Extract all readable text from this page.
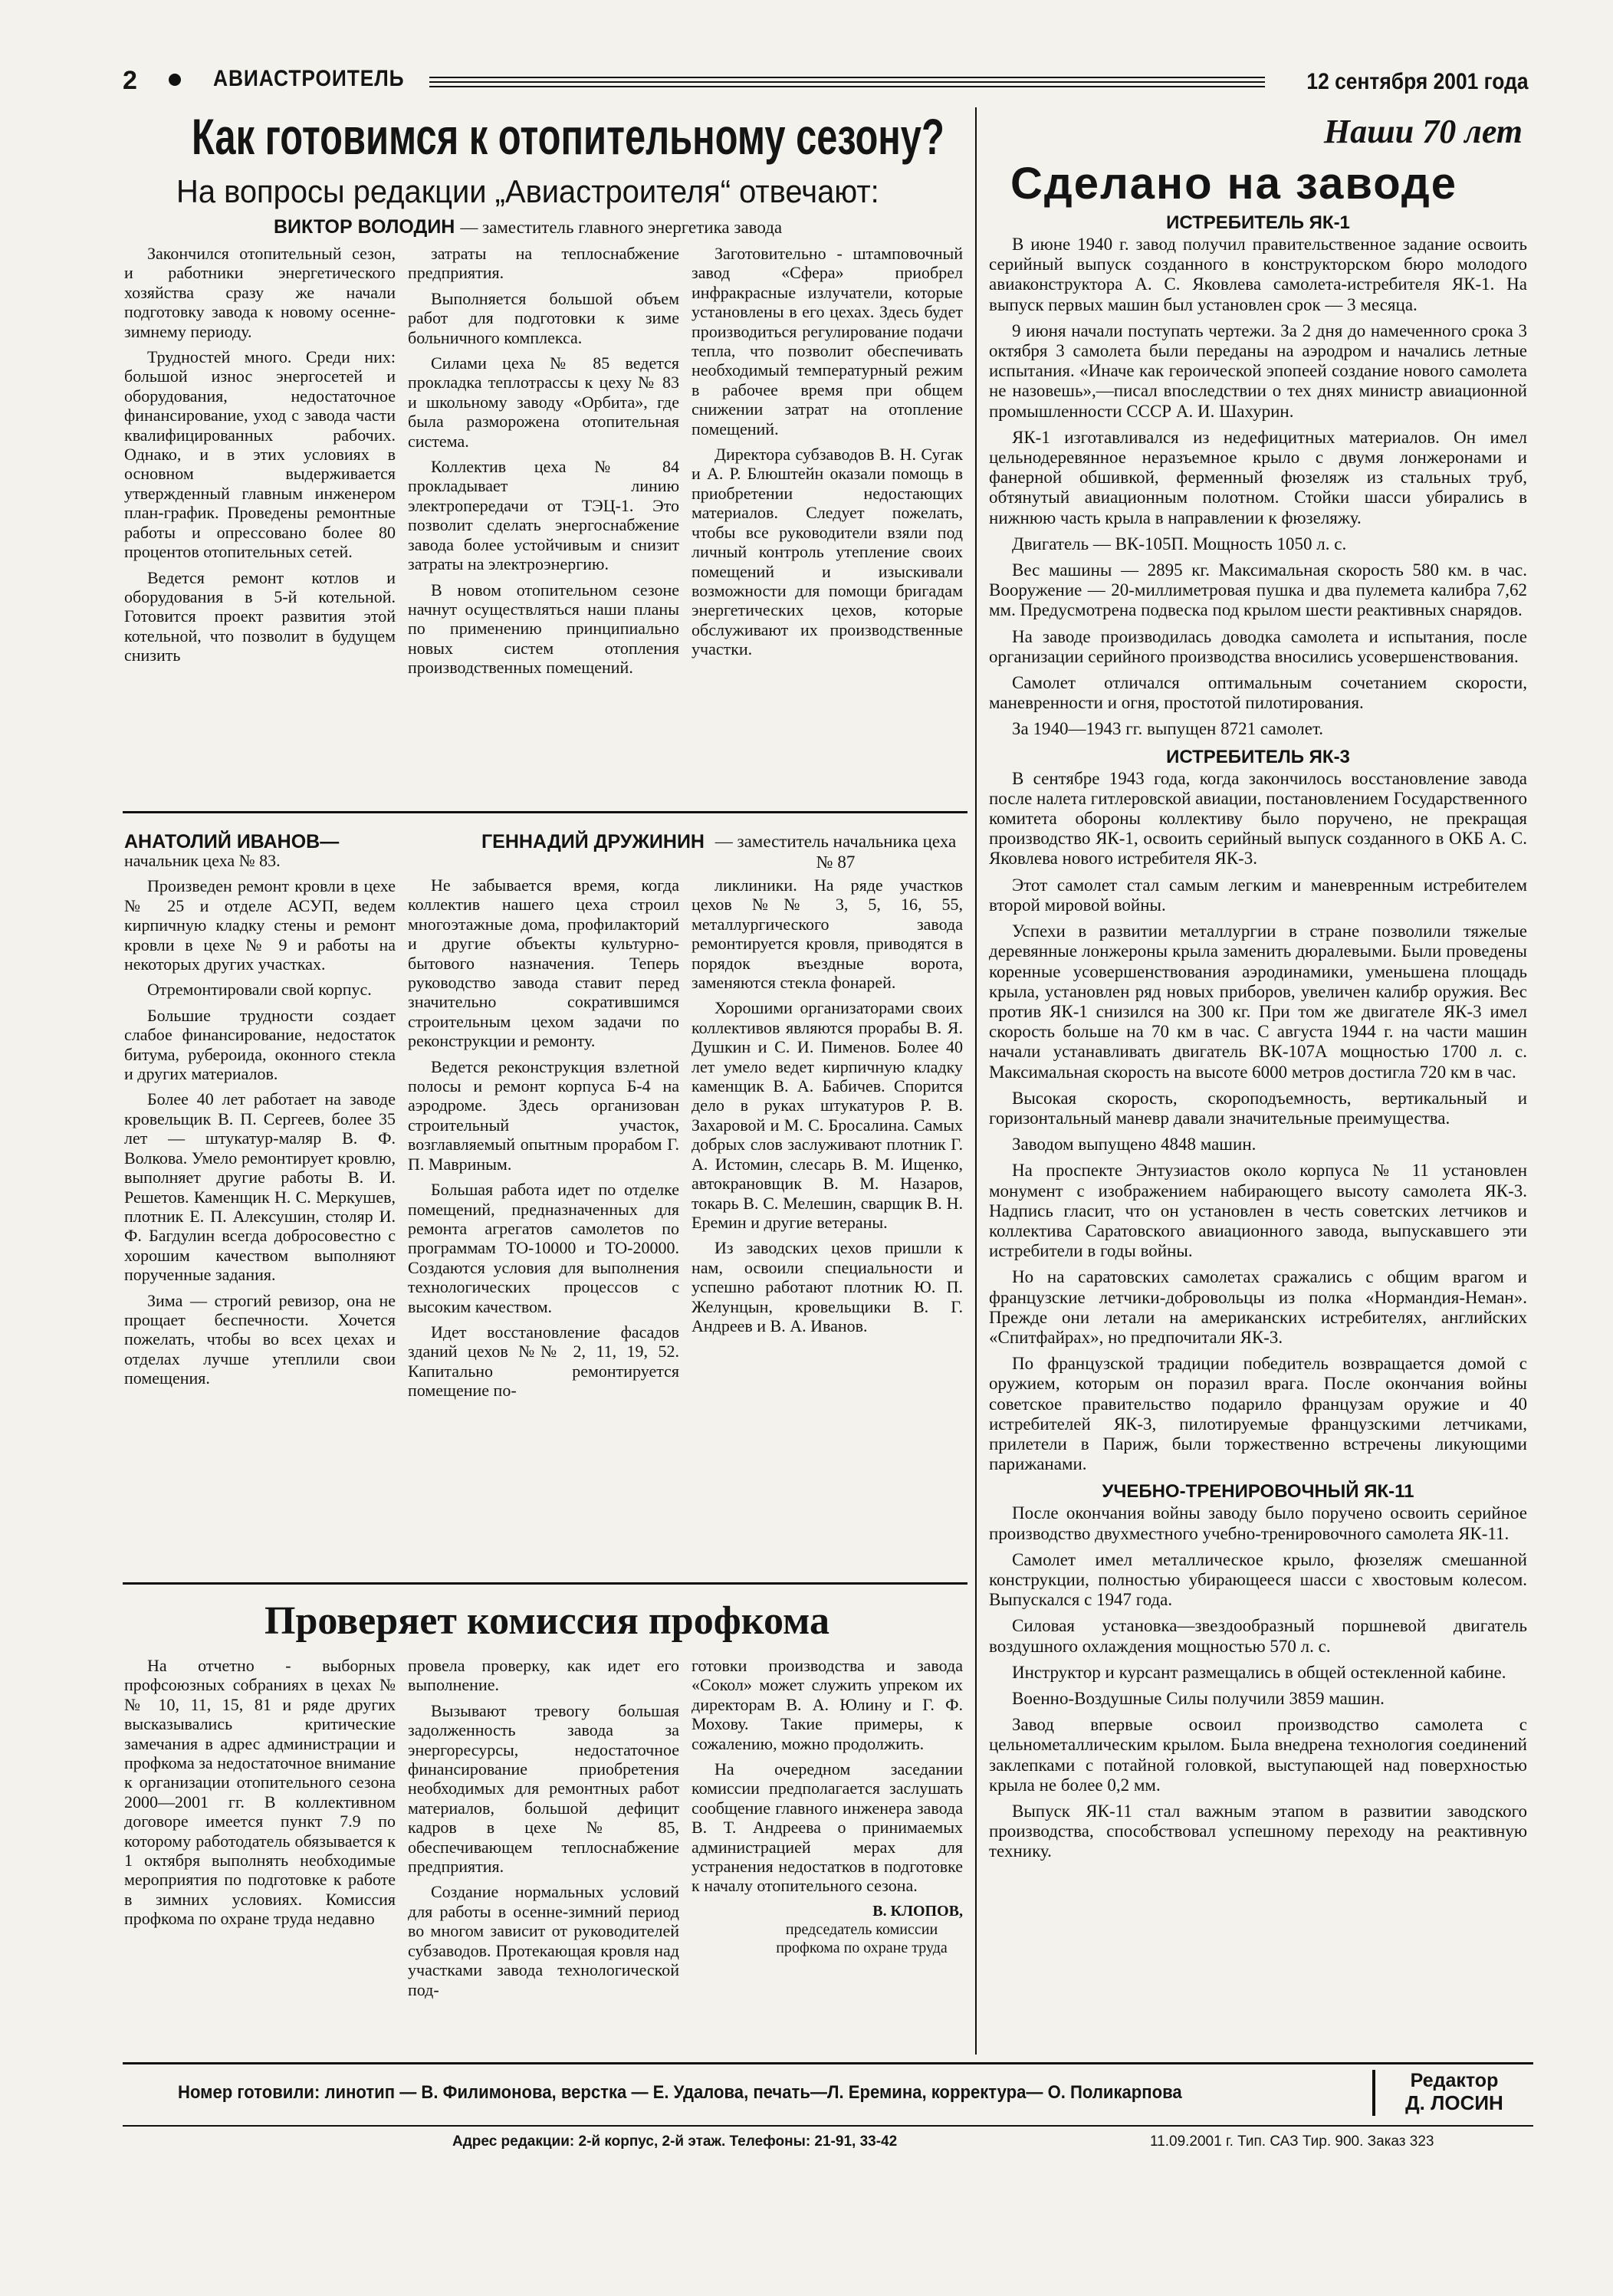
2	АВИАСТРОИТЕЛЬ	12 сентября 2001 года
Как готовимся к отопительному сезону?
На вопросы редакции „Авиастроителя“ отвечают:
ВИКТОР ВОЛОДИН — заместитель главного энергетика завода

Закончился отопительный сезон, и работники энергетического хозяйства сразу же начали подготовку завода к новому осенне-зимнему периоду.

Трудностей много. Среди них: большой износ энергосетей и оборудования, недостаточное финансирование, уход с завода части квалифицированных рабочих. Однако, и в этих условиях в основном выдерживается утвержденный главным инженером план-график. Проведены ремонтные работы и опрессовано более 80 процентов отопительных сетей.

Ведется ремонт котлов и оборудования в 5-й котельной. Готовится проект развития этой котельной, что позволит в будущем снизить

затраты на теплоснабжение предприятия.

Выполняется большой объем работ для подготовки к зиме больничного комплекса.

Силами цеха № 85 ведется прокладка теплотрассы к цеху № 83 и школьному заводу «Орбита», где была разморожена отопительная система.

Коллектив цеха № 84 прокладывает линию электропередачи от ТЭЦ-1. Это позволит сделать энергоснабжение завода более устойчивым и снизит затраты на электроэнергию.

В новом отопительном сезоне начнут осуществляться наши планы по применению принципиально новых систем отопления производственных помещений.

Заготовительно - штамповочный завод «Сфера» приобрел инфракрасные излучатели, которые установлены в его цехах. Здесь будет производиться регулирование подачи тепла, что позволит обеспечивать необходимый температурный режим в рабочее время при общем снижении затрат на отопление помещений.

Директора субзаводов В. Н. Сугак и А. Р. Блюштейн оказали помощь в приобретении недостающих материалов. Следует пожелать, чтобы все руководители взяли под личный контроль утепление своих помещений и изыскивали возможности для помощи бригадам энергетических цехов, которые обслуживают их производственные участки.

АНАТОЛИЙ ИВАНОВ—

начальник цеха № 83.

Произведен ремонт кровли в цехе № 25 и отделе АСУП, ведем кирпичную кладку стены и ремонт кровли в цехе № 9 и работы на некоторых других участках.

Отремонтировали свой корпус.

Большие трудности создает слабое финансирование, недостаток битума, рубероида, оконного стекла и других материалов.

Более 40 лет работает на заводе кровельщик В. П. Сергеев, более 35 лет — штукатур-маляр В. Ф. Волкова. Умело ремонтирует кровлю, выполняет другие работы В. И. Решетов. Каменщик Н. С. Меркушев, плотник Е. П. Алексушин, столяр И. Ф. Багдулин всегда добросовестно с хорошим качеством выполняют порученные задания.

Зима — строгий ревизор, она не прощает беспечности. Хочется пожелать, чтобы во всех цехах и отделах лучше утеплили свои помещения.

ГЕННАДИЙ ДРУЖИНИН — заместитель начальника цеха № 87

Не забывается время, когда коллектив нашего цеха строил многоэтажные дома, профилакторий и другие объекты культурно-бытового назначения. Теперь руководство завода ставит перед значительно сократившимся строительным цехом задачи по реконструкции и ремонту.

Ведется реконструкция взлетной полосы и ремонт корпуса Б-4 на аэродроме. Здесь организован строительный участок, возглавляемый опытным прорабом Г. П. Мавриным.

Большая работа идет по отделке помещений, предназначенных для ремонта агрегатов самолетов по программам ТО-10000 и ТО-20000. Создаются условия для выполнения технологических процессов с высоким качеством.

Идет восстановление фасадов зданий цехов №№ 2, 11, 19, 52. Капитально ремонтируется помещение по-

ликлиники. На ряде участков цехов №№ 3, 5, 16, 55, металлургического завода ремонтируется кровля, приводятся в порядок въездные ворота, заменяются стекла фонарей.

Хорошими организаторами своих коллективов являются прорабы В. Я. Душкин и С. И. Пименов. Более 40 лет умело ведет кирпичную кладку каменщик В. А. Бабичев. Спорится дело в руках штукатуров Р. В. Захаровой и М. С. Бросалина. Самых добрых слов заслуживают плотник Г. А. Истомин, слесарь В. М. Ищенко, автокрановщик В. М. Назаров, токарь В. С. Мелешин, сварщик В. Н. Еремин и другие ветераны.

Из заводских цехов пришли к нам, освоили специальности и успешно работают плотник Ю. П. Желунцын, кровельщики В. Г. Андреев и В. А. Иванов.

Наши 70 лет
Сделано на заводе
ИСТРЕБИТЕЛЬ ЯК-1

В июне 1940 г. завод получил правительственное задание освоить серийный выпуск созданного в конструкторском бюро молодого авиаконструктора А. С. Яковлева самолета-истребителя ЯК-1. На выпуск первых машин был установлен срок — 3 месяца.

9 июня начали поступать чертежи. За 2 дня до намеченного срока 3 октября 3 самолета были переданы на аэродром и начались летные испытания. «Иначе как героической эпопеей создание нового самолета не назовешь»,—писал впоследствии о тех днях министр авиационной промышленности СССР А. И. Шахурин.

ЯК-1 изготавливался из недефицитных материалов. Он имел цельнодеревянное неразъемное крыло с двумя лонжеронами и фанерной обшивкой, ферменный фюзеляж из стальных труб, обтянутый авиационным полотном. Стойки шасси убирались в нижнюю часть крыла в направлении к фюзеляжу.

Двигатель — ВК-105П. Мощность 1050 л. с.

Вес машины — 2895 кг. Максимальная скорость 580 км. в час. Вооружение — 20-миллиметровая пушка и два пулемета калибра 7,62 мм. Предусмотрена подвеска под крылом шести реактивных снарядов.

На заводе производилась доводка самолета и испытания, после организации серийного производства вносились усовершенствования.

Самолет отличался оптимальным сочетанием скорости, маневренности и огня, простотой пилотирования.

За 1940—1943 гг. выпущен 8721 самолет.

ИСТРЕБИТЕЛЬ ЯК-3

В сентябре 1943 года, когда закончилось восстановление завода после налета гитлеровской авиации, постановлением Государственного комитета обороны коллективу было поручено, не прекращая производство ЯК-1, освоить серийный выпуск созданного в ОКБ А. С. Яковлева нового истребителя ЯК-3.

Этот самолет стал самым легким и маневренным истребителем второй мировой войны.

Успехи в развитии металлургии в стране позволили тяжелые деревянные лонжероны крыла заменить дюралевыми. Были проведены коренные усовершенствования аэродинамики, уменьшена площадь крыла, установлен ряд новых приборов, увеличен калибр оружия. Вес против ЯК-1 снизился на 300 кг. При том же двигателе ЯК-3 имел скорость больше на 70 км в час. С августа 1944 г. на части машин начали устанавливать двигатель ВК-107А мощностью 1700 л. с. Максимальная скорость на высоте 6000 метров достигла 720 км в час.

Высокая скорость, скороподъемность, вертикальный и горизонтальный маневр давали значительные преимущества.

Заводом выпущено 4848 машин.

На проспекте Энтузиастов около корпуса № 11 установлен монумент с изображением набирающего высоту самолета ЯК-3. Надпись гласит, что он установлен в честь советских летчиков и коллектива Саратовского авиационного завода, выпускавшего эти истребители в годы войны.

Но на саратовских самолетах сражались с общим врагом и французские летчики-добровольцы из полка «Нормандия-Неман». Прежде они летали на американских истребителях, английских «Спитфайрах», но предпочитали ЯК-3.

По французской традиции победитель возвращается домой с оружием, которым он поразил врага. После окончания войны советское правительство подарило французам оружие и 40 истребителей ЯК-3, пилотируемые французскими летчиками, прилетели в Париж, были торжественно встречены ликующими парижанами.

УЧЕБНО-ТРЕНИРОВОЧНЫЙ ЯК-11

После окончания войны заводу было поручено освоить серийное производство двухместного учебно-тренировочного самолета ЯК-11.

Самолет имел металлическое крыло, фюзеляж смешанной конструкции, полностью убирающееся шасси с хвостовым колесом. Выпускался с 1947 года.

Силовая установка—звездообразный поршневой двигатель воздушного охлаждения мощностью 570 л. с.

Инструктор и курсант размещались в общей остекленной кабине.

Военно-Воздушные Силы получили 3859 машин.

Завод впервые освоил производство самолета с цельнометаллическим крылом. Была внедрена технология соединений заклепками с потайной головкой, выступающей над поверхностью крыла не более 0,2 мм.

Выпуск ЯК-11 стал важным этапом в развитии заводского производства, способствовал успешному переходу на реактивную технику.

Проверяет комиссия профкома

На отчетно - выборных профсоюзных собраниях в цехах №№ 10, 11, 15, 81 и ряде других высказывались критические замечания в адрес администрации и профкома за недостаточное внимание к организации отопительного сезона 2000—2001 гг. В коллективном договоре имеется пункт 7.9 по которому работодатель обязывается к 1 октября выполнять необходимые мероприятия по подготовке к работе в зимних условиях. Комиссия профкома по охране труда недавно

провела проверку, как идет его выполнение.

Вызывают тревогу большая задолженность завода за энергоресурсы, недостаточное финансирование приобретения необходимых для ремонтных работ материалов, большой дефицит кадров в цехе № 85, обеспечивающем теплоснабжение предприятия.

Создание нормальных условий для работы в осенне-зимний период во многом зависит от руководителей субзаводов. Протекающая кровля над участками завода технологической под-

готовки производства и завода «Сокол» может служить упреком их директорам В. А. Юлину и Г. Ф. Мохову. Такие примеры, к сожалению, можно продолжить.

На очередном заседании комиссии предполагается заслушать сообщение главного инженера завода В. Т. Андреева о принимаемых администрацией мерах для устранения недостатков в подготовке к началу отопительного сезона.

В. КЛОПОВ,
председатель комиссии профкома по охране труда
Номер готовили: линотип — В. Филимонова, верстка — Е. Удалова, печать—Л. Еремина, корректура— О. Поликарпова
Редактор
Д. ЛОСИН
Адрес редакции: 2-й корпус, 2-й этаж. Телефоны: 21-91, 33-42	11.09.2001 г. Тип. САЗ Тир. 900. Заказ 323
